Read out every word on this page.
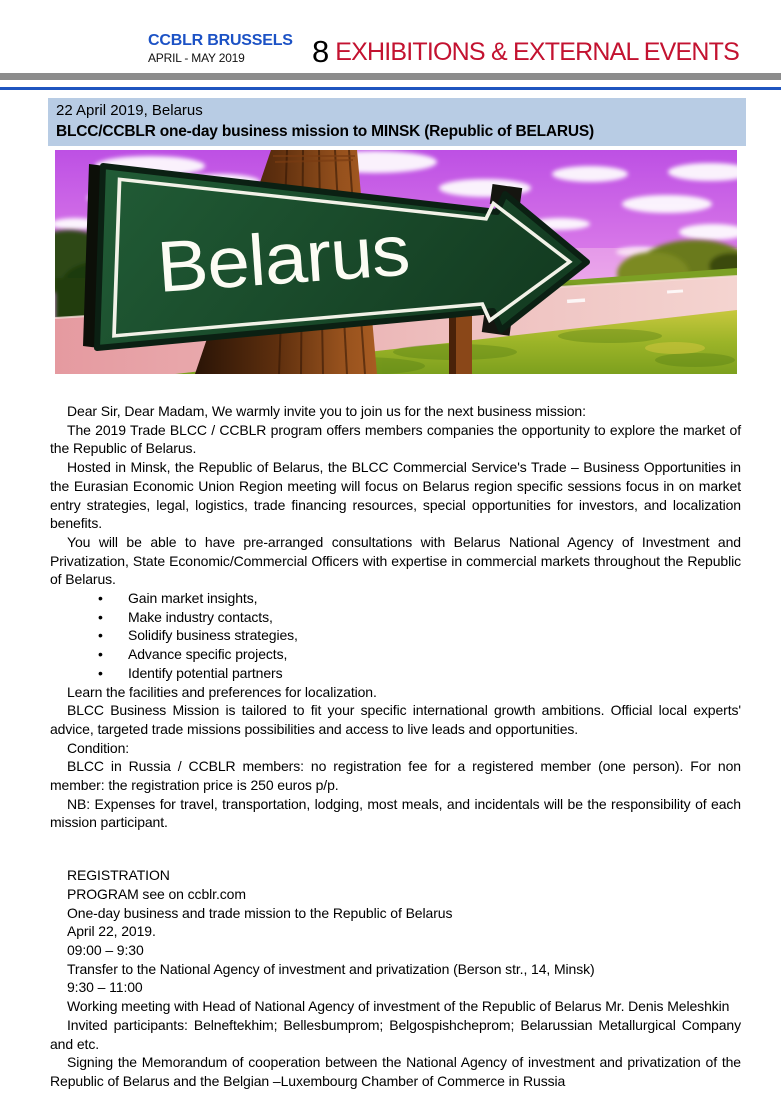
CCBLR BRUSSELS
APRIL - MAY 2019	8 EXHIBITIONS & EXTERNAL EVENTS
22 April 2019, Belarus
BLCC/CCBLR one-day business mission to MINSK (Republic of BELARUS)
Belarus

Dear Sir, Dear Madam, We warmly invite you to join us for the next business mission:

The 2019 Trade BLCC / CCBLR program offers members companies the opportunity to explore the market of the Republic of Belarus.

Hosted in Minsk, the Republic of Belarus, the BLCC Commercial Service's Trade – Business Opportunities in the Eurasian Economic Union Region meeting will focus on Belarus region specific sessions focus in on market entry strategies, legal, logistics, trade financing resources, special opportunities for investors, and localization benefits.

You will be able to have pre-arranged consultations with Belarus National Agency of Investment and Privatization, State Economic/Commercial Officers with expertise in commercial markets throughout the Republic of Belarus.

• Gain market insights,
• Make industry contacts,
• Solidify business strategies,
• Advance specific projects,
• Identify potential partners

Learn the facilities and preferences for localization.

BLCC Business Mission is tailored to fit your specific international growth ambitions. Official local experts' advice, targeted trade missions possibilities and access to live leads and opportunities.

Condition:

BLCC in Russia / CCBLR members: no registration fee for a registered member (one person). For non member: the registration price is 250 euros p/p.

NB: Expenses for travel, transportation, lodging, most meals, and incidentals will be the responsibility of each mission participant.

REGISTRATION

PROGRAM see on ccblr.com

One-day business and trade mission to the Republic of Belarus

April 22, 2019.

09:00 – 9:30

Transfer to the National Agency of investment and privatization (Berson str., 14, Minsk)

9:30 – 11:00

Working meeting with Head of National Agency of investment of the Republic of Belarus Mr. Denis Meleshkin

Invited participants: Belneftekhim; Bellesbumprom; Belgospishcheprom; Belarussian Metallurgical Company and etc.

Signing the Memorandum of cooperation between the National Agency of investment and privatization of the Republic of Belarus and the Belgian –Luxembourg Chamber of Commerce in Russia
